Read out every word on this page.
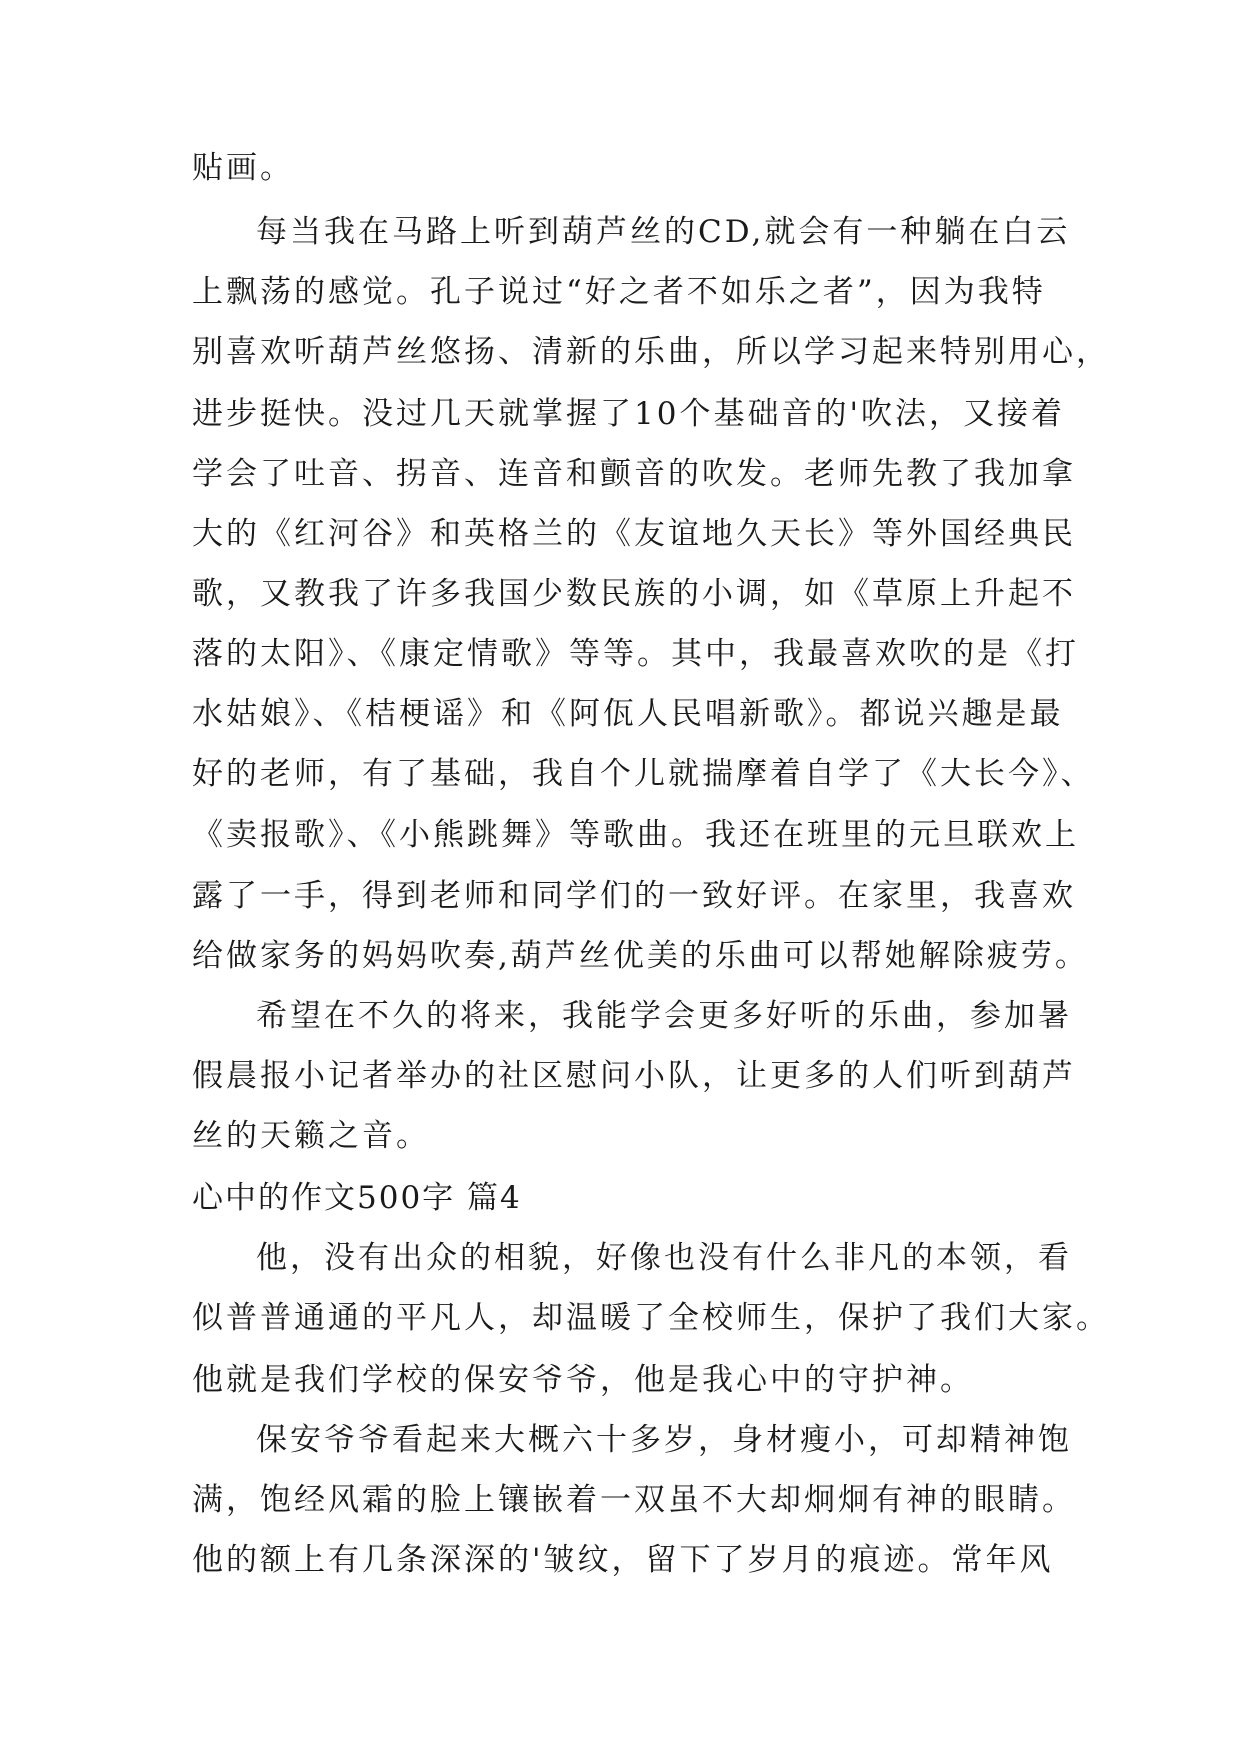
贴画。
每当我在马路上听到葫芦丝的CD,就会有一种躺在白云
上飘荡的感觉。孔子说过“好之者不如乐之者”，因为我特
别喜欢听葫芦丝悠扬、清新的乐曲，所以学习起来特别用心，
进步挺快。没过几天就掌握了10个基础音的'吹法，又接着
学会了吐音、拐音、连音和颤音的吹发。老师先教了我加拿
大的《红河谷》和英格兰的《友谊地久天长》等外国经典民
歌，又教我了许多我国少数民族的小调，如《草原上升起不
落的太阳》、《康定情歌》等等。其中，我最喜欢吹的是《打
水姑娘》、《桔梗谣》和《阿佤人民唱新歌》。都说兴趣是最
好的老师，有了基础，我自个儿就揣摩着自学了《大长今》、
《卖报歌》、《小熊跳舞》等歌曲。我还在班里的元旦联欢上
露了一手，得到老师和同学们的一致好评。在家里，我喜欢
给做家务的妈妈吹奏,葫芦丝优美的乐曲可以帮她解除疲劳。
希望在不久的将来，我能学会更多好听的乐曲，参加暑
假晨报小记者举办的社区慰问小队，让更多的人们听到葫芦
丝的天籁之音。
心中的作文500字 篇4
他，没有出众的相貌，好像也没有什么非凡的本领，看
似普普通通的平凡人，却温暖了全校师生，保护了我们大家。
他就是我们学校的保安爷爷，他是我心中的守护神。
保安爷爷看起来大概六十多岁，身材瘦小，可却精神饱
满，饱经风霜的脸上镶嵌着一双虽不大却炯炯有神的眼睛。
他的额上有几条深深的'皱纹，留下了岁月的痕迹。常年风
